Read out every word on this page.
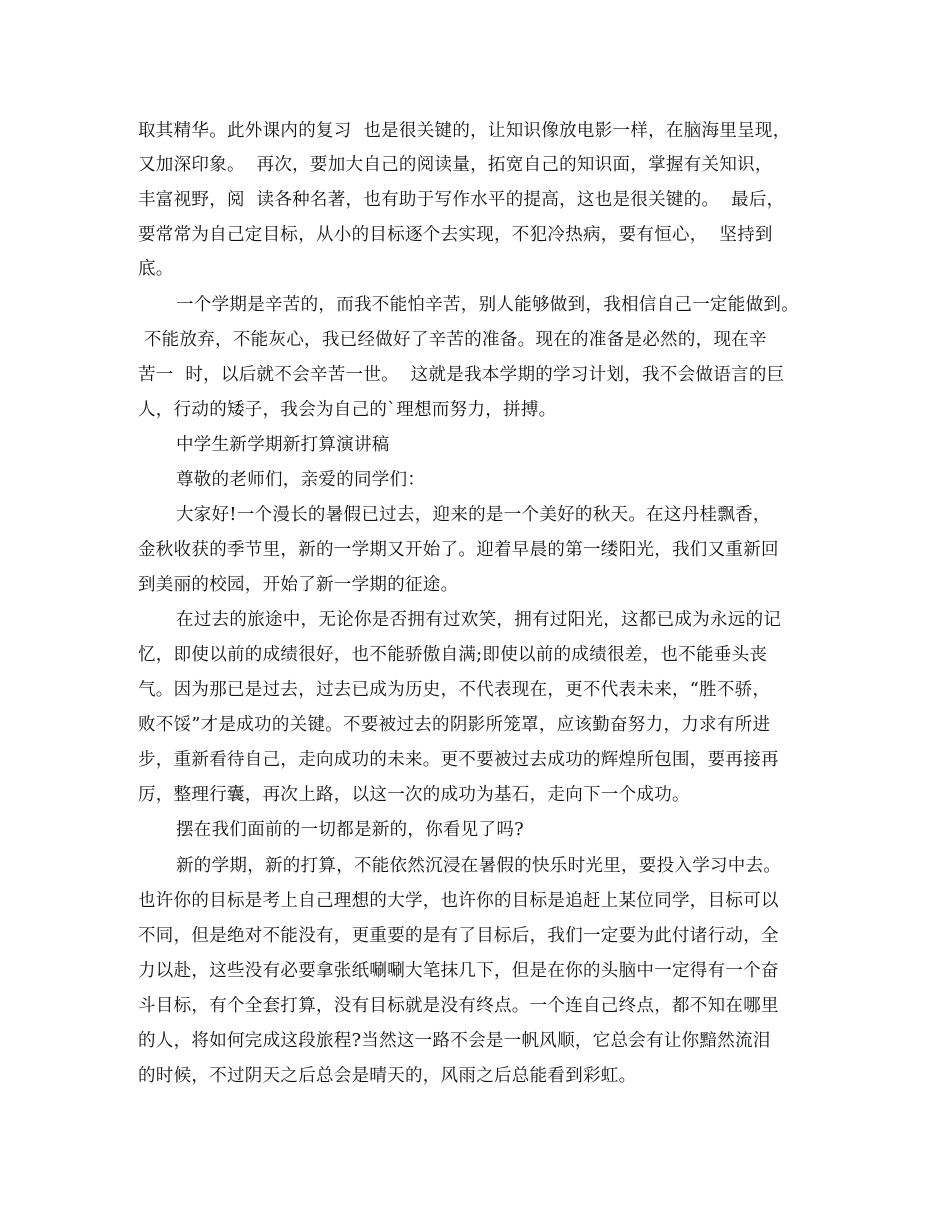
取其精华。此外课内的复习  也是很关键的，让知识像放电影一样，在脑海里呈现，
又加深印象。  再次，要加大自己的阅读量，拓宽自己的知识面，掌握有关知识，
丰富视野，阅  读各种名著，也有助于写作水平的提高，这也是很关键的。  最后，
要常常为自己定目标，从小的目标逐个去实现，不犯冷热病，要有恒心，  坚持到
底。
一个学期是辛苦的，而我不能怕辛苦，别人能够做到，我相信自己一定能做到。
不能放弃，不能灰心，我已经做好了辛苦的准备。现在的准备是必然的，现在辛
苦一  时，以后就不会辛苦一世。  这就是我本学期的学习计划，我不会做语言的巨
人，行动的矮子，我会为自己的`理想而努力，拼搏。
中学生新学期新打算演讲稿
尊敬的老师们，亲爱的同学们：
大家好!一个漫长的暑假已过去，迎来的是一个美好的秋天。在这丹桂飘香，
金秋收获的季节里，新的一学期又开始了。迎着早晨的第一缕阳光，我们又重新回
到美丽的校园，开始了新一学期的征途。
在过去的旅途中，无论你是否拥有过欢笑，拥有过阳光，这都已成为永远的记
忆，即使以前的成绩很好，也不能骄傲自满;即使以前的成绩很差，也不能垂头丧
气。因为那已是过去，过去已成为历史，不代表现在，更不代表未来，“胜不骄，
败不馁”才是成功的关键。不要被过去的阴影所笼罩，应该勤奋努力，力求有所进
步，重新看待自己，走向成功的未来。更不要被过去成功的辉煌所包围，要再接再
厉，整理行囊，再次上路，以这一次的成功为基石，走向下一个成功。
摆在我们面前的一切都是新的，你看见了吗?
新的学期，新的打算，不能依然沉浸在暑假的快乐时光里，要投入学习中去。
也许你的目标是考上自己理想的大学，也许你的目标是追赶上某位同学，目标可以
不同，但是绝对不能没有，更重要的是有了目标后，我们一定要为此付诸行动，全
力以赴，这些没有必要拿张纸唰唰大笔抹几下，但是在你的头脑中一定得有一个奋
斗目标，有个全套打算，没有目标就是没有终点。一个连自己终点，都不知在哪里
的人，将如何完成这段旅程?当然这一路不会是一帆风顺，它总会有让你黯然流泪
的时候，不过阴天之后总会是晴天的，风雨之后总能看到彩虹。
